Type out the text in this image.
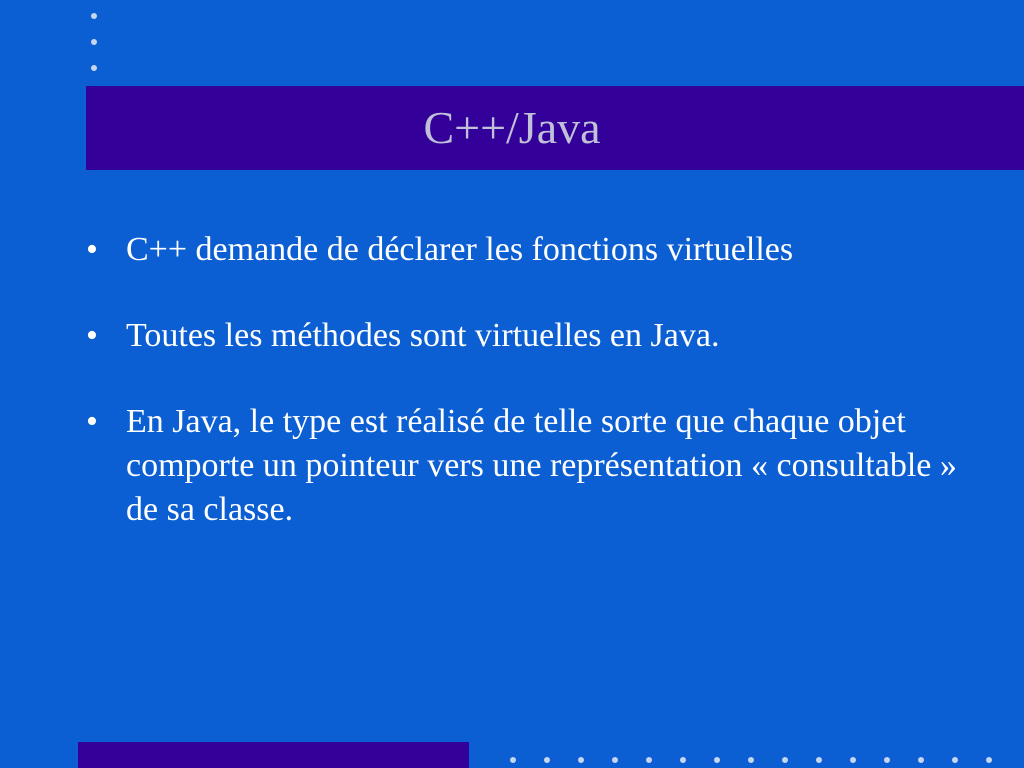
C++/Java
• C++ demande de déclarer les fonctions virtuelles
• Toutes les méthodes sont virtuelles en Java.
• En Java, le type est réalisé de telle sorte que chaque objet comporte un pointeur vers une représentation « consultable » de sa classe.
